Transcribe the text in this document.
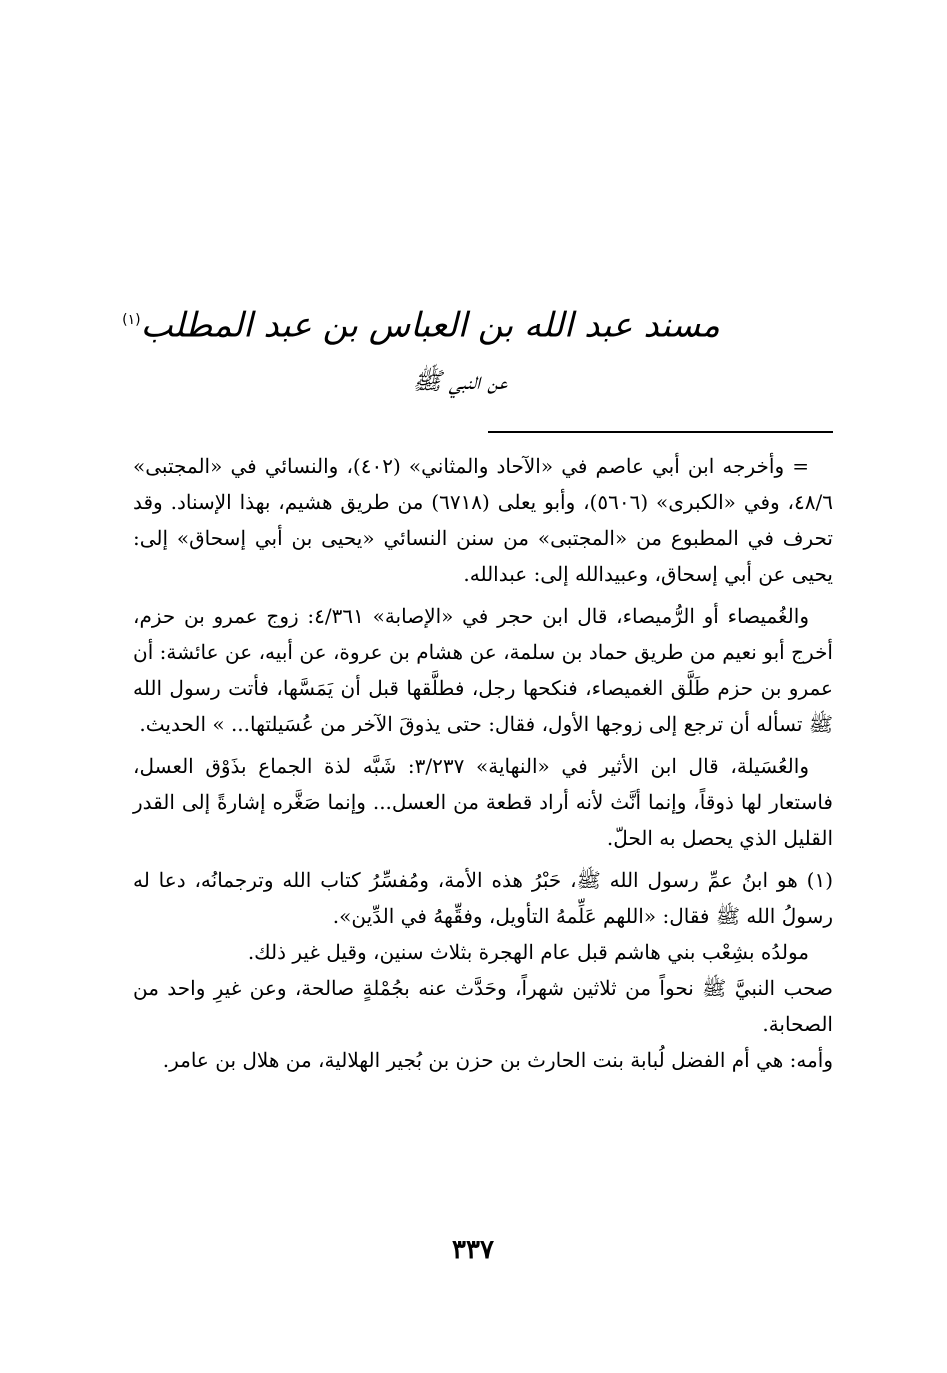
مسند عبد الله بن العباس بن عبد المطلب$^{(١)}$
عن النبي ﷺ

= وأخرجه ابن أبي عاصم في «الآحاد والمثاني» (٤٠٢)، والنسائي في «المجتبى» ٤٨/٦، وفي «الكبرى» (٥٦٠٦)، وأبو يعلى (٦٧١٨) من طريق هشيم، بهذا الإسناد. وقد تحرف في المطبوع من «المجتبى» من سنن النسائي «يحيى بن أبي إسحاق» إلى: يحيى عن أبي إسحاق، وعبيدالله إلى: عبدالله.

والغُميصاء أو الرُّميصاء، قال ابن حجر في «الإصابة» ٤/٣٦١: زوج عمرو بن حزم، أخرج أبو نعيم من طريق حماد بن سلمة، عن هشام بن عروة، عن أبيه، عن عائشة: أن عمرو بن حزم طَلَّق الغميصاء، فنكحها رجل، فطلَّقها قبل أن يَمَسَّها، فأتت رسول الله ﷺ تسأله أن ترجع إلى زوجها الأول، فقال: حتى يذوقَ الآخر من عُسَيلتها... » الحديث.

والعُسَيلة، قال ابن الأثير في «النهاية» ٣/٢٣٧: شَبَّه لذة الجماع بذَوْق العسل، فاستعار لها ذوقاً، وإنما أنَّث لأنه أراد قطعة من العسل... وإنما صَغَّره إشارةً إلى القدر القليل الذي يحصل به الحلّ.

(١) هو ابنُ عمِّ رسول الله ﷺ، حَبْرُ هذه الأمة، ومُفسِّرُ كتاب الله وترجمانُه، دعا له رسولُ الله ﷺ فقال: «اللهم عَلِّمهُ التأويل، وفقِّههُ في الدِّين».

مولدُه بشِعْب بني هاشم قبل عام الهجرة بثلاث سنين، وقيل غير ذلك.

صحب النبيَّ ﷺ نحواً من ثلاثين شهراً، وحَدَّث عنه بجُمْلةٍ صالحة، وعن غيرِ واحد من الصحابة.

وأمه: هي أم الفضل لُبابة بنت الحارث بن حزن بن بُجير الهلالية، من هلال بن عامر.

٣٣٧
